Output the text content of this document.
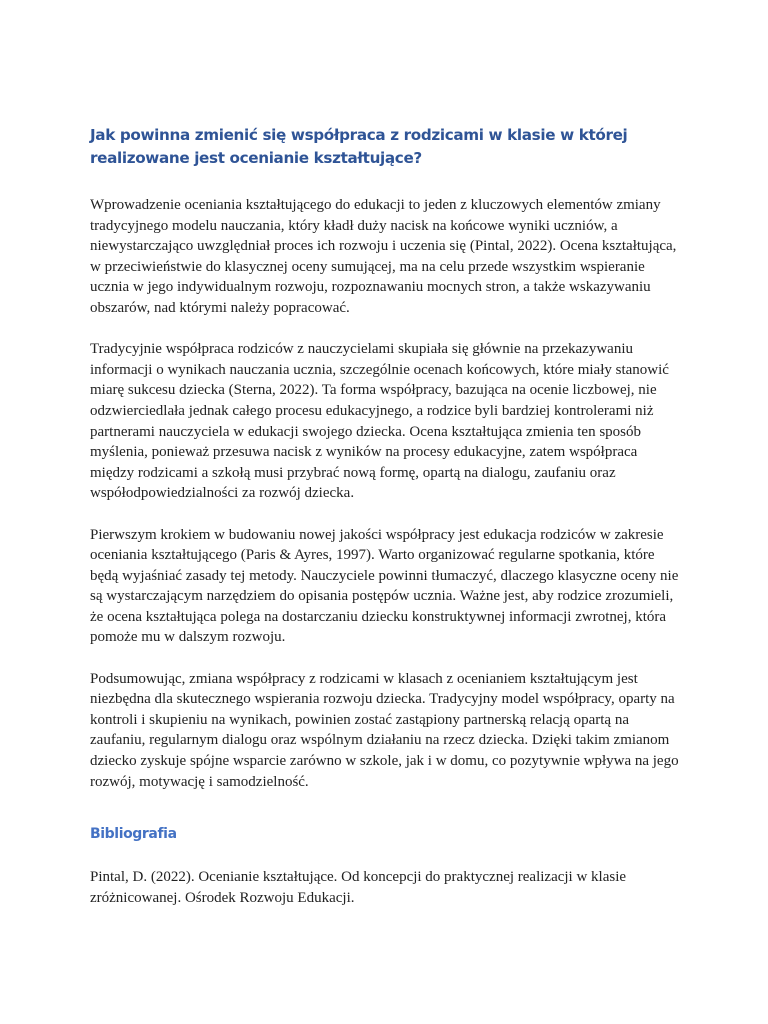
Jak powinna zmienić się współpraca z rodzicami w klasie w której realizowane jest ocenianie kształtujące?

Wprowadzenie oceniania kształtującego do edukacji to jeden z kluczowych elementów zmiany tradycyjnego modelu nauczania, który kładł duży nacisk na końcowe wyniki uczniów, a niewystarczająco uwzględniał proces ich rozwoju i uczenia się (Pintal, 2022). Ocena kształtująca, w przeciwieństwie do klasycznej oceny sumującej, ma na celu przede wszystkim wspieranie ucznia w jego indywidualnym rozwoju, rozpoznawaniu mocnych stron, a także wskazywaniu obszarów, nad którymi należy popracować.

Tradycyjnie współpraca rodziców z nauczycielami skupiała się głównie na przekazywaniu informacji o wynikach nauczania ucznia, szczególnie ocenach końcowych, które miały stanowić miarę sukcesu dziecka (Sterna, 2022). Ta forma współpracy, bazująca na ocenie liczbowej, nie odzwierciedlała jednak całego procesu edukacyjnego, a rodzice byli bardziej kontrolerami niż partnerami nauczyciela w edukacji swojego dziecka. Ocena kształtująca zmienia ten sposób myślenia, ponieważ przesuwa nacisk z wyników na procesy edukacyjne, zatem współpraca między rodzicami a szkołą musi przybrać nową formę, opartą na dialogu, zaufaniu oraz współodpowiedzialności za rozwój dziecka.

Pierwszym krokiem w budowaniu nowej jakości współpracy jest edukacja rodziców w zakresie oceniania kształtującego (Paris & Ayres, 1997). Warto organizować regularne spotkania, które będą wyjaśniać zasady tej metody. Nauczyciele powinni tłumaczyć, dlaczego klasyczne oceny nie są wystarczającym narzędziem do opisania postępów ucznia. Ważne jest, aby rodzice zrozumieli, że ocena kształtująca polega na dostarczaniu dziecku konstruktywnej informacji zwrotnej, która pomoże mu w dalszym rozwoju.

Podsumowując, zmiana współpracy z rodzicami w klasach z ocenianiem kształtującym jest niezbędna dla skutecznego wspierania rozwoju dziecka. Tradycyjny model współpracy, oparty na kontroli i skupieniu na wynikach, powinien zostać zastąpiony partnerską relacją opartą na zaufaniu, regularnym dialogu oraz wspólnym działaniu na rzecz dziecka. Dzięki takim zmianom dziecko zyskuje spójne wsparcie zarówno w szkole, jak i w domu, co pozytywnie wpływa na jego rozwój, motywację i samodzielność.

Bibliografia

Pintal, D. (2022). Ocenianie kształtujące. Od koncepcji do praktycznej realizacji w klasie zróżnicowanej. Ośrodek Rozwoju Edukacji.
